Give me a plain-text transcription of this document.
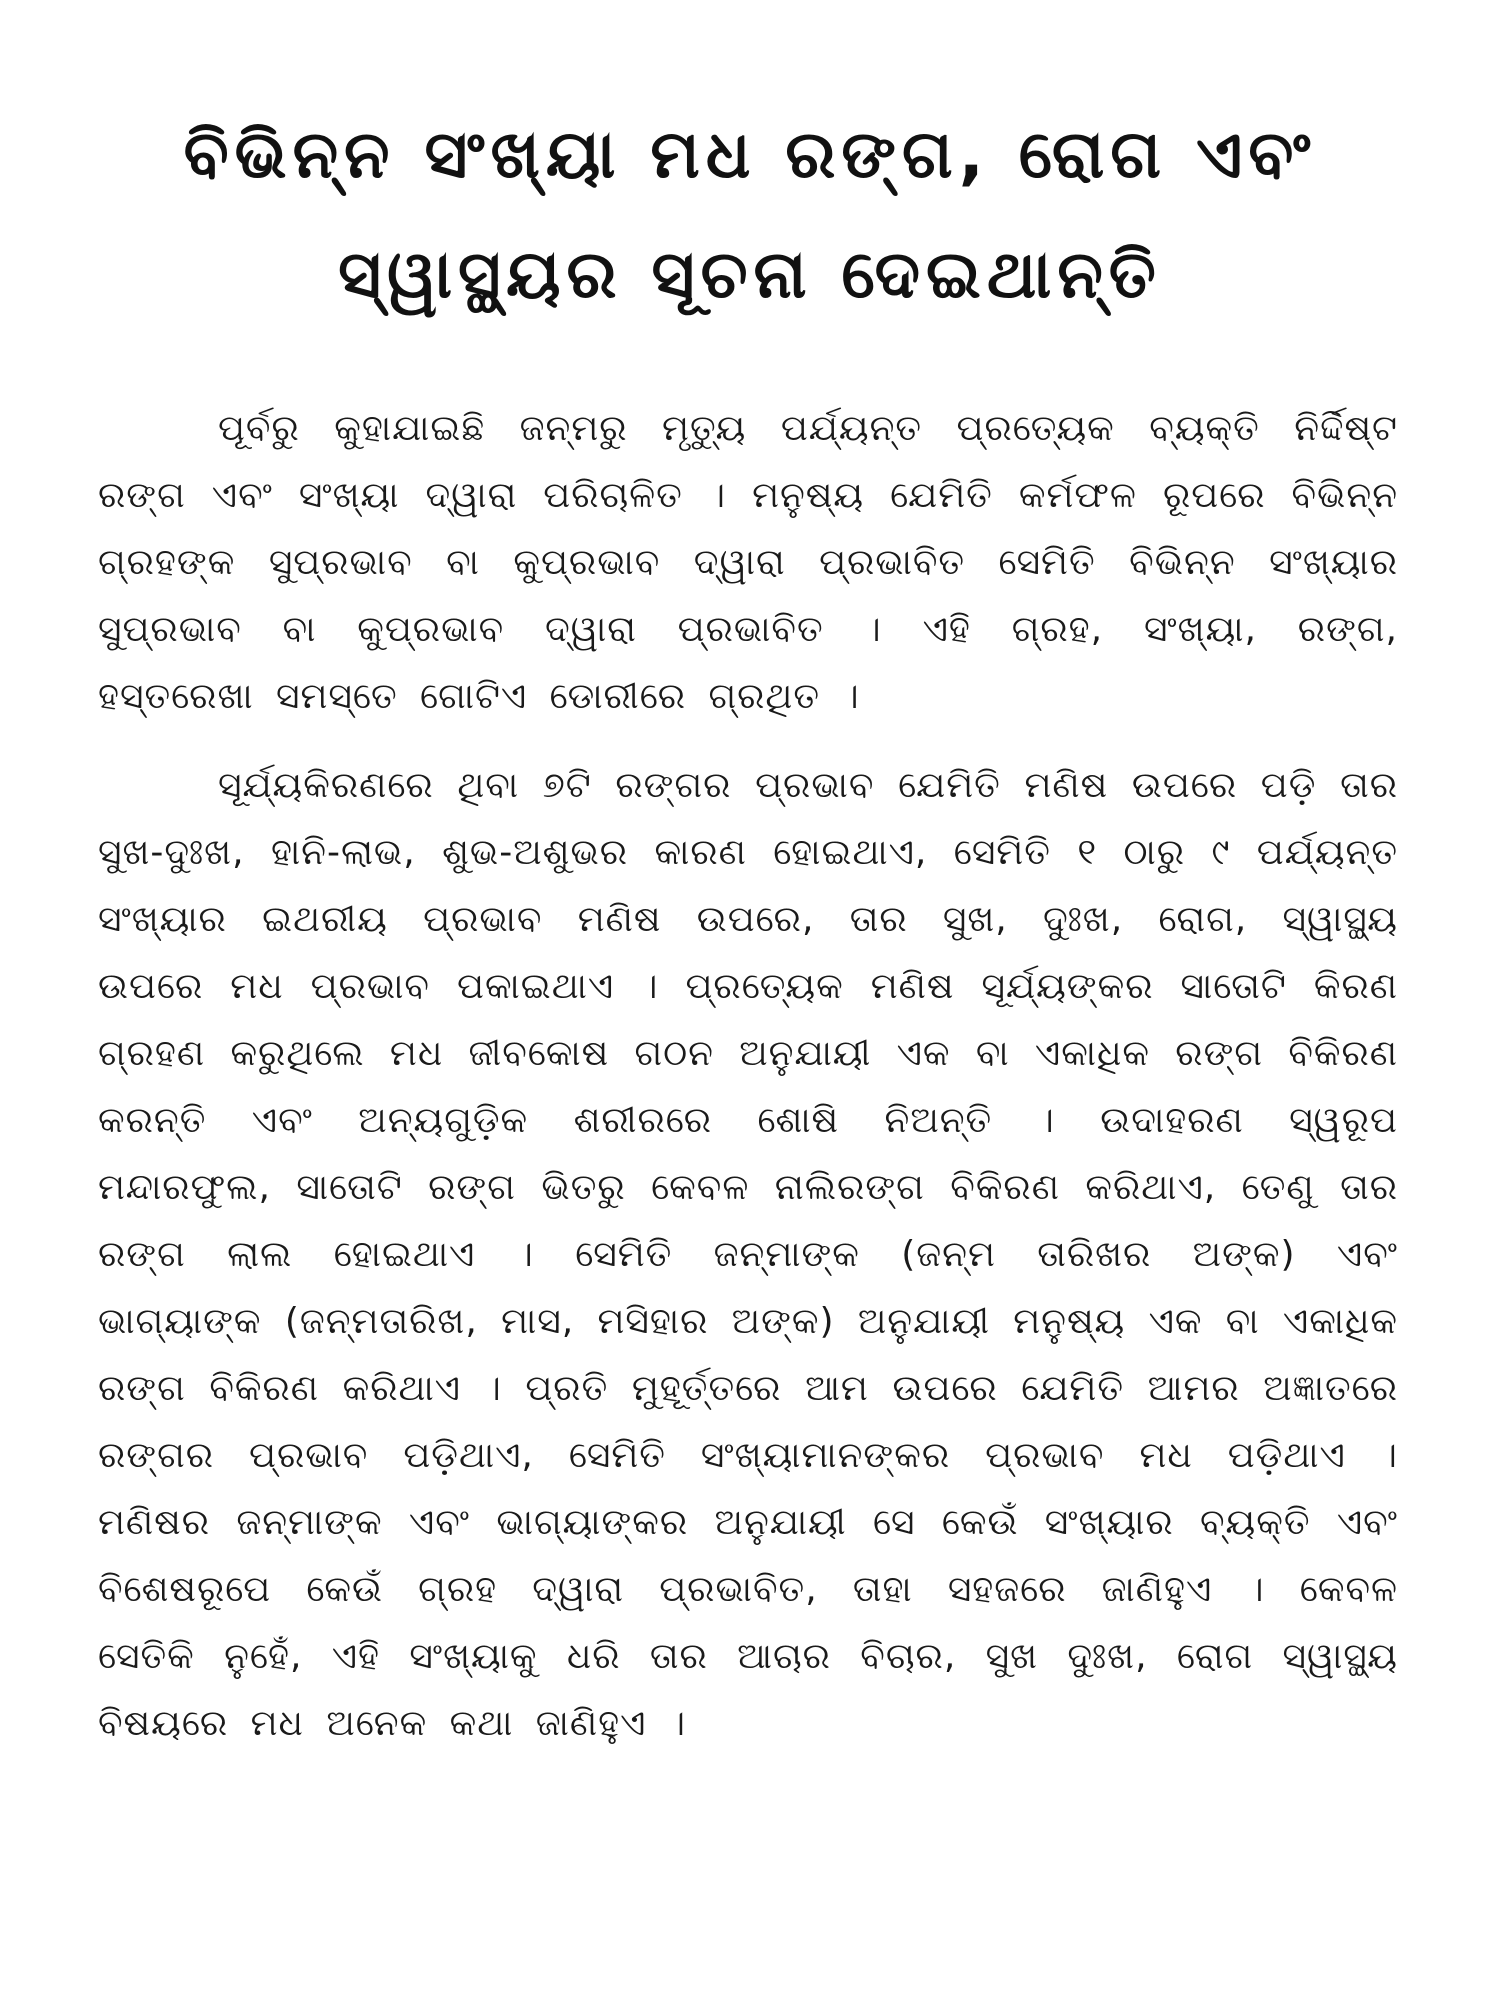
ବିଭିନ୍ନ ସଂଖ୍ୟା ମଧ ରଙ୍ଗ, ରୋଗ ଏବଂ
ସ୍ୱାସ୍ଥ୍ୟର ସୂଚନା ଦେଇଥାନ୍ତି

ପୂର୍ବରୁ କୁହାଯାଇଛି ଜନ୍ମରୁ ମୃତ୍ୟୁ ପର୍ଯ୍ୟନ୍ତ ପ୍ରତ୍ୟେକ ବ୍ୟକ୍ତି ନିର୍ଦ୍ଦିଷ୍ଟ ରଙ୍ଗ ଏବଂ ସଂଖ୍ୟା ଦ୍ୱାରା ପରିଚାଳିତ । ମନୁଷ୍ୟ ଯେମିତି କର୍ମଫଳ ରୂପରେ ବିଭିନ୍ନ ଗ୍ରହଙ୍କ ସୁପ୍ରଭାବ ବା କୁପ୍ରଭାବ ଦ୍ୱାରା ପ୍ରଭାବିତ ସେମିତି ବିଭିନ୍ନ ସଂଖ୍ୟାର ସୁପ୍ରଭାବ ବା କୁପ୍ରଭାବ ଦ୍ୱାରା ପ୍ରଭାବିତ । ଏହି ଗ୍ରହ, ସଂଖ୍ୟା, ରଙ୍ଗ, ହସ୍ତରେଖା ସମସ୍ତେ ଗୋଟିଏ ଡୋରୀରେ ଗ୍ରଥିତ ।

ସୂର୍ଯ୍ୟକିରଣରେ ଥିବା ୭ଟି ରଙ୍ଗର ପ୍ରଭାବ ଯେମିତି ମଣିଷ ଉପରେ ପଡ଼ି ତାର ସୁଖ-ଦୁଃଖ, ହାନି-ଲାଭ, ଶୁଭ-ଅଶୁଭର କାରଣ ହୋଇଥାଏ, ସେମିତି ୧ ଠାରୁ ୯ ପର୍ଯ୍ୟନ୍ତ ସଂଖ୍ୟାର ଇଥରୀୟ ପ୍ରଭାବ ମଣିଷ ଉପରେ, ତାର ସୁଖ, ଦୁଃଖ, ରୋଗ, ସ୍ୱାସ୍ଥ୍ୟ ଉପରେ ମଧ ପ୍ରଭାବ ପକାଇଥାଏ । ପ୍ରତ୍ୟେକ ମଣିଷ ସୂର୍ଯ୍ୟଙ୍କର ସାତୋଟି କିରଣ ଗ୍ରହଣ କରୁଥିଲେ ମଧ ଜୀବକୋଷ ଗଠନ ଅନୁଯାୟୀ ଏକ ବା ଏକାଧିକ ରଙ୍ଗ ବିକିରଣ କରନ୍ତି ଏବଂ ଅନ୍ୟଗୁଡ଼ିକ ଶରୀରରେ ଶୋଷି ନିଅନ୍ତି । ଉଦାହରଣ ସ୍ୱରୂପ ମନ୍ଦାରଫୁଲ, ସାତୋଟି ରଙ୍ଗ ଭିତରୁ କେବଳ ନାଲିରଙ୍ଗ ବିକିରଣ କରିଥାଏ, ତେଣୁ ତାର ରଙ୍ଗ ଲାଲ ହୋଇଥାଏ । ସେମିତି ଜନ୍ମାଙ୍କ (ଜନ୍ମ ତାରିଖର ଅଙ୍କ) ଏବଂ ଭାଗ୍ୟାଙ୍କ (ଜନ୍ମତାରିଖ, ମାସ, ମସିହାର ଅଙ୍କ) ଅନୁଯାୟୀ ମନୁଷ୍ୟ ଏକ ବା ଏକାଧିକ ରଙ୍ଗ ବିକିରଣ କରିଥାଏ । ପ୍ରତି ମୁହୂର୍ତ୍ତରେ ଆମ ଉପରେ ଯେମିତି ଆମର ଅଜ୍ଞାତରେ ରଙ୍ଗର ପ୍ରଭାବ ପଡ଼ିଥାଏ, ସେମିତି ସଂଖ୍ୟାମାନଙ୍କର ପ୍ରଭାବ ମଧ ପଡ଼ିଥାଏ । ମଣିଷର ଜନ୍ମାଙ୍କ ଏବଂ ଭାଗ୍ୟାଙ୍କର ଅନୁଯାୟୀ ସେ କେଉଁ ସଂଖ୍ୟାର ବ୍ୟକ୍ତି ଏବଂ ବିଶେଷରୂପେ କେଉଁ ଗ୍ରହ ଦ୍ୱାରା ପ୍ରଭାବିତ, ତାହା ସହଜରେ ଜାଣିହୁଏ । କେବଳ ସେତିକି ନୁହେଁ, ଏହି ସଂଖ୍ୟାକୁ ଧରି ତାର ଆଚାର ବିଚାର, ସୁଖ ଦୁଃଖ, ରୋଗ ସ୍ୱାସ୍ଥ୍ୟ ବିଷୟରେ ମଧ ଅନେକ କଥା ଜାଣିହୁଏ ।
